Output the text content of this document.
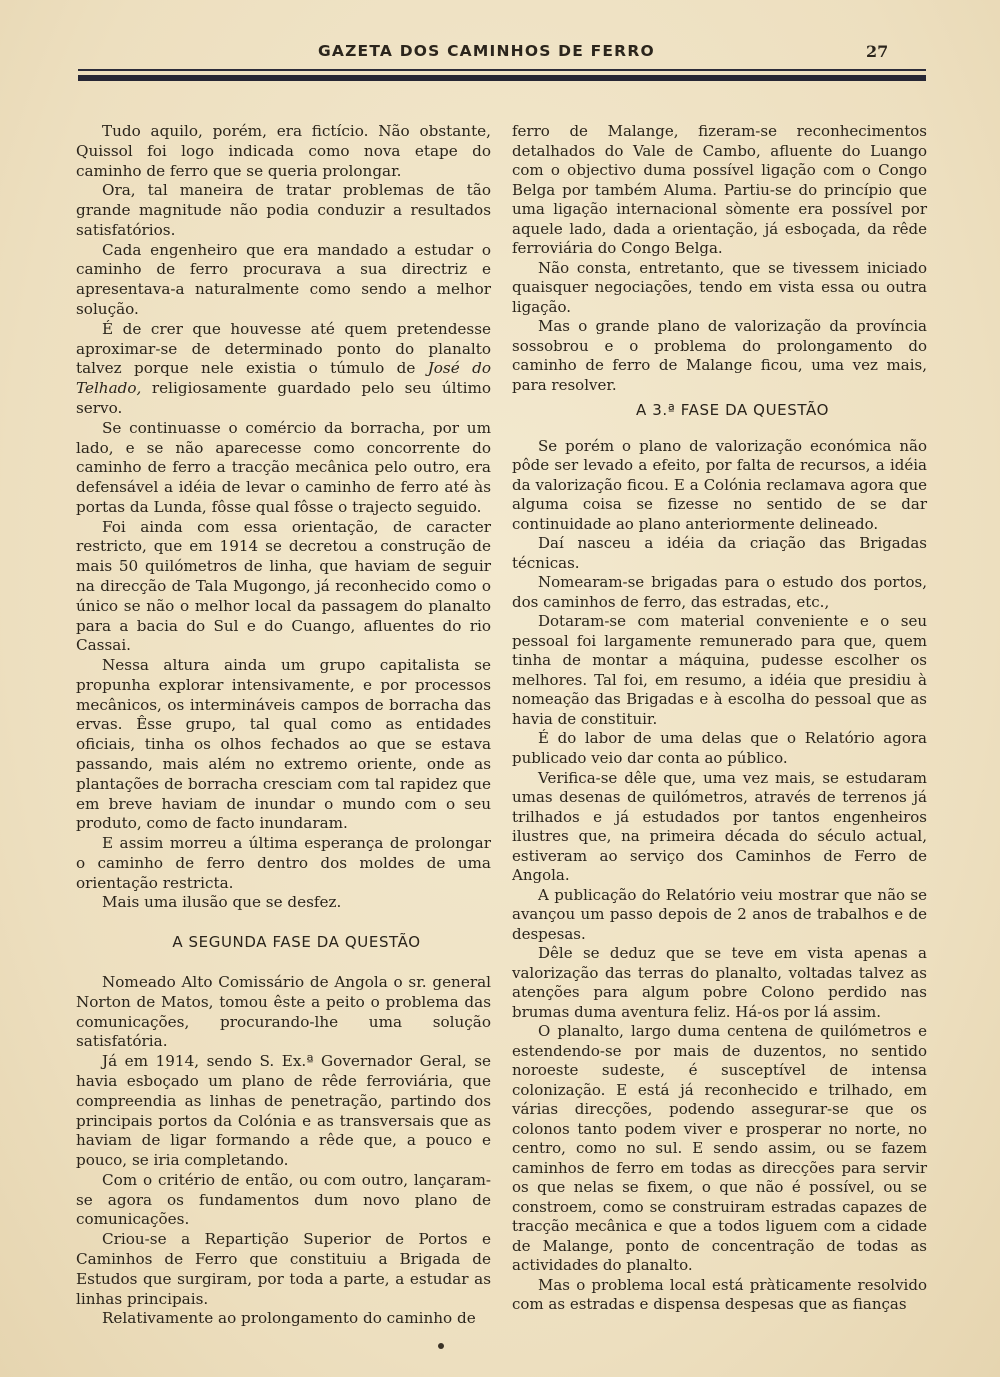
GAZETA DOS CAMINHOS DE FERRO	27

Tudo aquilo, porém, era fictício. Não obstante, Quissol foi logo indicada como nova etape do caminho de ferro que se queria prolongar.

Ora, tal maneira de tratar problemas de tão grande magnitude não podia conduzir a resultados satisfatórios.

Cada engenheiro que era mandado a estudar o caminho de ferro procurava a sua directriz e apresentava-a naturalmente como sendo a melhor solução.

É de crer que houvesse até quem pretendesse aproximar-se de determinado ponto do planalto talvez porque nele existia o túmulo de José do Telhado, religiosamente guardado pelo seu último servo.

Se continuasse o comércio da borracha, por um lado, e se não aparecesse como concorrente do caminho de ferro a tracção mecânica pelo outro, era defensável a idéia de levar o caminho de ferro até às portas da Lunda, fôsse qual fôsse o trajecto seguido.

Foi ainda com essa orientação, de caracter restricto, que em 1914 se decretou a construção de mais 50 quilómetros de linha, que haviam de seguir na direcção de Tala Mugongo, já reconhecido como o único se não o melhor local da passagem do planalto para a bacia do Sul e do Cuango, afluentes do rio Cassai.

Nessa altura ainda um grupo capitalista se propunha explorar intensivamente, e por processos mecânicos, os intermináveis campos de borracha das ervas. Êsse grupo, tal qual como as entidades oficiais, tinha os olhos fechados ao que se estava passando, mais além no extremo oriente, onde as plantações de borracha cresciam com tal rapidez que em breve haviam de inundar o mundo com o seu produto, como de facto inundaram.

E assim morreu a última esperança de prolongar o caminho de ferro dentro dos moldes de uma orientação restricta.

Mais uma ilusão que se desfez.

A SEGUNDA FASE DA QUESTÃO

Nomeado Alto Comissário de Angola o sr. general Norton de Matos, tomou êste a peito o problema das comunicações, procurando-lhe uma solução satisfatória.

Já em 1914, sendo S. Ex.ª Governador Geral, se havia esboçado um plano de rêde ferroviária, que compreendia as linhas de penetração, partindo dos principais portos da Colónia e as transversais que as haviam de ligar formando a rêde que, a pouco e pouco, se iria completando.

Com o critério de então, ou com outro, lançaram-se agora os fundamentos dum novo plano de comunicações.

Criou-se a Repartição Superior de Portos e Caminhos de Ferro que constituiu a Brigada de Estudos que surgiram, por toda a parte, a estudar as linhas principais.

Relativamente ao prolongamento do caminho de

ferro de Malange, fizeram-se reconhecimentos detalhados do Vale de Cambo, afluente do Luango com o objectivo duma possível ligação com o Congo Belga por também Aluma. Partiu-se do princípio que uma ligação internacional sòmente era possível por aquele lado, dada a orientação, já esboçada, da rêde ferroviária do Congo Belga.

Não consta, entretanto, que se tivessem iniciado quaisquer negociações, tendo em vista essa ou outra ligação.

Mas o grande plano de valorização da província sossobrou e o problema do prolongamento do caminho de ferro de Malange ficou, uma vez mais, para resolver.

A 3.ª FASE DA QUESTÃO

Se porém o plano de valorização económica não pôde ser levado a efeito, por falta de recursos, a idéia da valorização ficou. E a Colónia reclamava agora que alguma coisa se fizesse no sentido de se dar continuidade ao plano anteriormente delineado.

Daí nasceu a idéia da criação das Brigadas técnicas.

Nomearam-se brigadas para o estudo dos portos, dos caminhos de ferro, das estradas, etc.,

Dotaram-se com material conveniente e o seu pessoal foi largamente remunerado para que, quem tinha de montar a máquina, pudesse escolher os melhores. Tal foi, em resumo, a idéia que presidiu à nomeação das Brigadas e à escolha do pessoal que as havia de constituir.

É do labor de uma delas que o Relatório agora publicado veio dar conta ao público.

Verifica-se dêle que, uma vez mais, se estudaram umas desenas de quilómetros, através de terrenos já trilhados e já estudados por tantos engenheiros ilustres que, na primeira década do século actual, estiveram ao serviço dos Caminhos de Ferro de Angola.

A publicação do Relatório veiu mostrar que não se avançou um passo depois de 2 anos de trabalhos e de despesas.

Dêle se deduz que se teve em vista apenas a valorização das terras do planalto, voltadas talvez as atenções para algum pobre Colono perdido nas brumas duma aventura feliz. Há-os por lá assim.

O planalto, largo duma centena de quilómetros e estendendo-se por mais de duzentos, no sentido noroeste sudeste, é susceptível de intensa colonização. E está já reconhecido e trilhado, em várias direcções, podendo assegurar-se que os colonos tanto podem viver e prosperar no norte, no centro, como no sul. E sendo assim, ou se fazem caminhos de ferro em todas as direcções para servir os que nelas se fixem, o que não é possível, ou se constroem, como se construiram estradas capazes de tracção mecânica e que a todos liguem com a cidade de Malange, ponto de concentração de todas as actividades do planalto.

Mas o problema local está pràticamente resolvido com as estradas e dispensa despesas que as fianças
